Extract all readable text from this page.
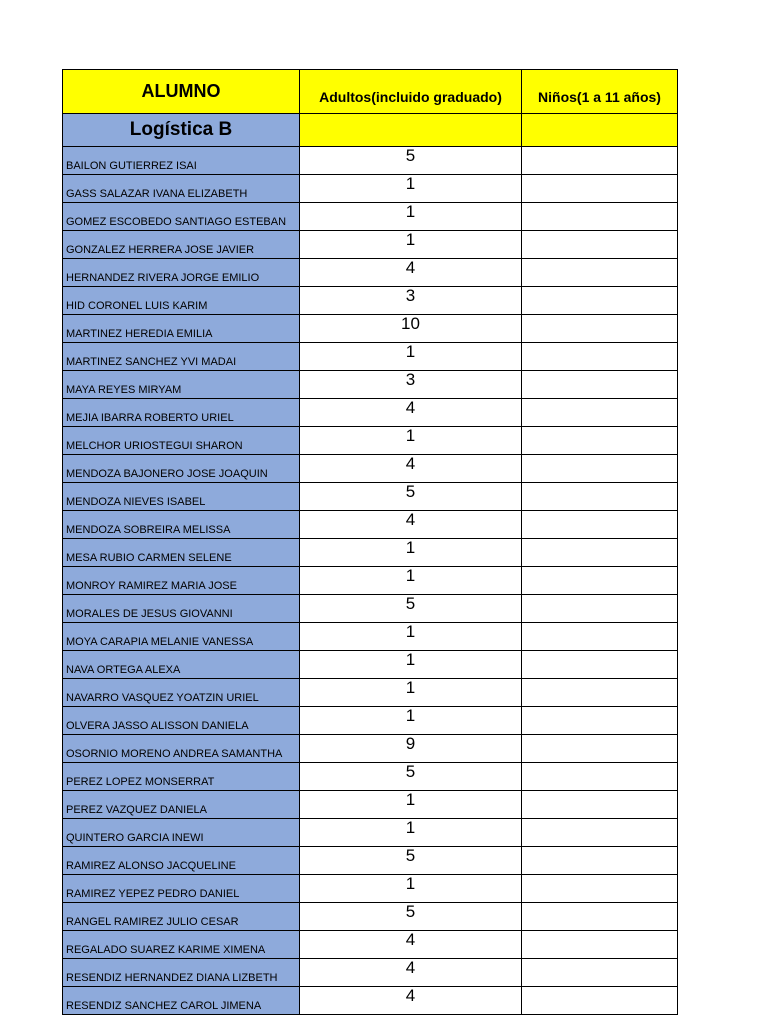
ALUMNO	Adultos(incluido graduado)	Niños(1 a 11 años)
Logística B		
BAILON GUTIERREZ ISAI	5	
GASS SALAZAR IVANA ELIZABETH	1	
GOMEZ ESCOBEDO SANTIAGO ESTEBAN	1	
GONZALEZ HERRERA JOSE JAVIER	1	
HERNANDEZ RIVERA JORGE EMILIO	4	
HID CORONEL LUIS KARIM	3	
MARTINEZ HEREDIA EMILIA	10	
MARTINEZ SANCHEZ YVI MADAI	1	
MAYA REYES MIRYAM	3	
MEJIA IBARRA ROBERTO URIEL	4	
MELCHOR URIOSTEGUI SHARON	1	
MENDOZA BAJONERO JOSE JOAQUIN	4	
MENDOZA NIEVES ISABEL	5	
MENDOZA SOBREIRA MELISSA	4	
MESA RUBIO CARMEN SELENE	1	
MONROY RAMIREZ MARIA JOSE	1	
MORALES DE JESUS GIOVANNI	5	
MOYA CARAPIA MELANIE VANESSA	1	
NAVA ORTEGA ALEXA	1	
NAVARRO VASQUEZ YOATZIN URIEL	1	
OLVERA JASSO ALISSON DANIELA	1	
OSORNIO MORENO ANDREA SAMANTHA	9	
PEREZ LOPEZ MONSERRAT	5	
PEREZ VAZQUEZ DANIELA	1	
QUINTERO GARCIA INEWI	1	
RAMIREZ ALONSO JACQUELINE	5	
RAMIREZ YEPEZ PEDRO DANIEL	1	
RANGEL RAMIREZ JULIO CESAR	5	
REGALADO SUAREZ KARIME XIMENA	4	
RESENDIZ HERNANDEZ DIANA LIZBETH	4	
RESENDIZ SANCHEZ CAROL JIMENA	4	
